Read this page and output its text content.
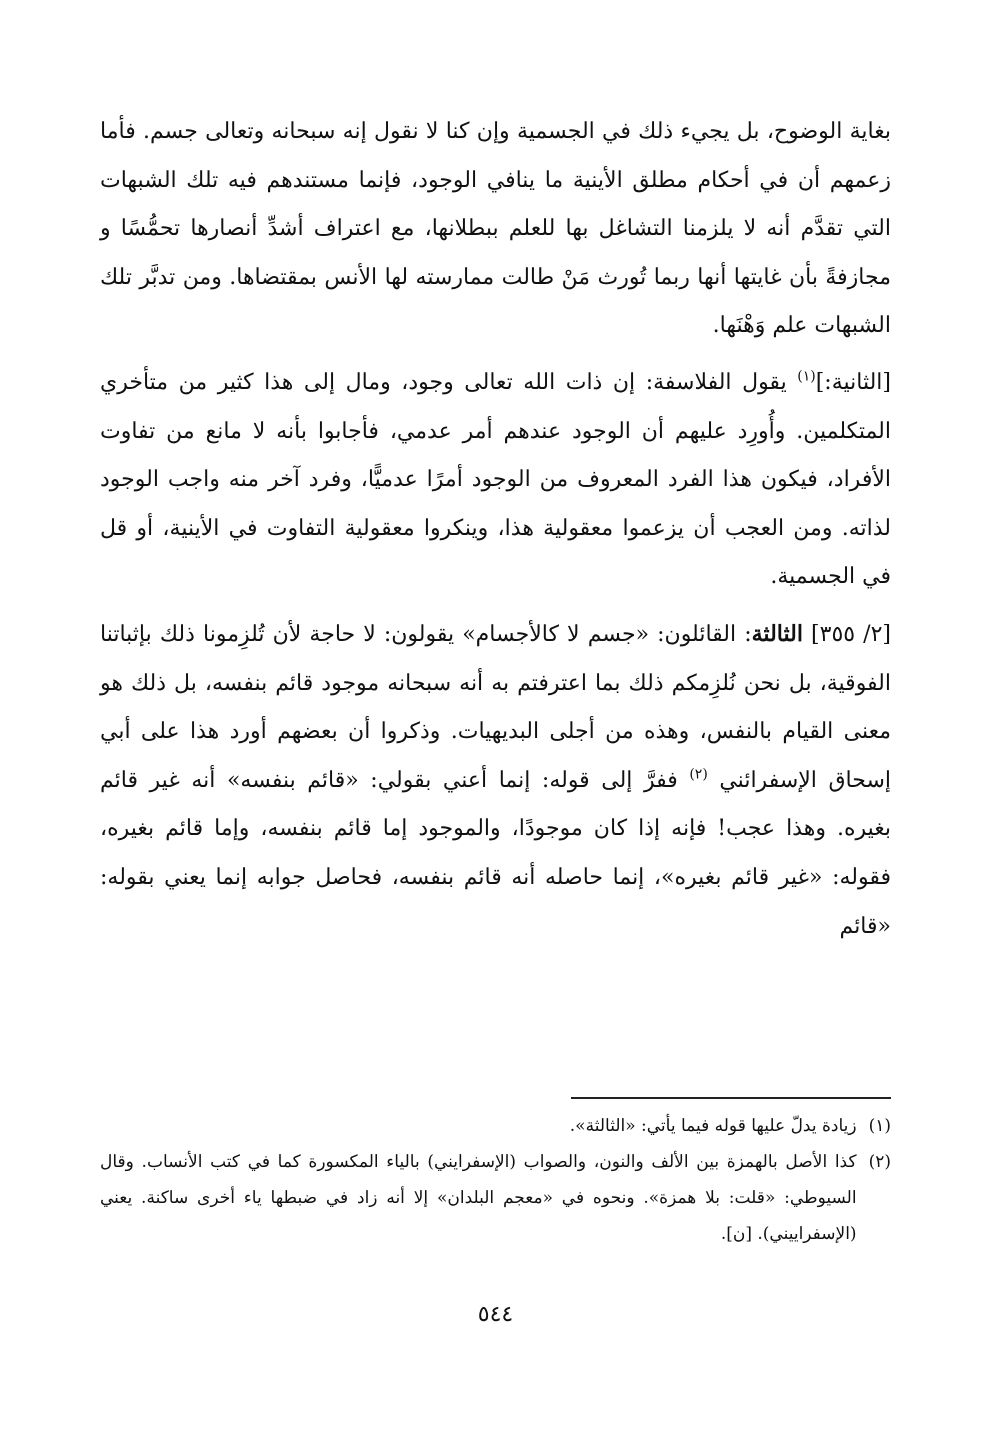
بغاية الوضوح، بل يجيء ذلك في الجسمية وإن كنا لا نقول إنه سبحانه وتعالى جسم. فأما زعمهم أن في أحكام مطلق الأينية ما ينافي الوجود، فإنما مستندهم فيه تلك الشبهات التي تقدَّم أنه لا يلزمنا التشاغل بها للعلم ببطلانها، مع اعتراف أشدِّ أنصارها تحمُّسًا و مجازفةً بأن غايتها أنها ربما تُورث مَنْ طالت ممارسته لها الأنس بمقتضاها. ومن تدبَّر تلك الشبهات علم وَهْنَها.

[الثانية:]$^{(١)}$ يقول الفلاسفة: إن ذات الله تعالى وجود، ومال إلى هذا كثير من متأخري المتكلمين. وأُورِد عليهم أن الوجود عندهم أمر عدمي، فأجابوا بأنه لا مانع من تفاوت الأفراد، فيكون هذا الفرد المعروف من الوجود أمرًا عدميًّا، وفرد آخر منه واجب الوجود لذاته. ومن العجب أن يزعموا معقولية هذا، وينكروا معقولية التفاوت في الأينية، أو قل في الجسمية.

[٢/ ٣٥٥] الثالثة: القائلون: «جسم لا كالأجسام» يقولون: لا حاجة لأن تُلزِمونا ذلك بإثباتنا الفوقية، بل نحن نُلزِمكم ذلك بما اعترفتم به أنه سبحانه موجود قائم بنفسه، بل ذلك هو معنى القيام بالنفس، وهذه من أجلى البديهيات. وذكروا أن بعضهم أورد هذا على أبي إسحاق الإسفرائني $^{(٢)}$ ففرَّ إلى قوله: إنما أعني بقولي: «قائم بنفسه» أنه غير قائم بغيره. وهذا عجب! فإنه إذا كان موجودًا، والموجود إما قائم بنفسه، وإما قائم بغيره، فقوله: «غير قائم بغيره»، إنما حاصله أنه قائم بنفسه، فحاصل جوابه إنما يعني بقوله: «قائم

(١)
زيادة يدلّ عليها قوله فيما يأتي: «الثالثة».
(٢)
كذا الأصل بالهمزة بين الألف والنون، والصواب (الإسفرايني) بالياء المكسورة كما في كتب الأنساب. وقال السيوطي: «قلت: بلا همزة». ونحوه في «معجم البلدان» إلا أنه زاد في ضبطها ياء أخرى ساكنة. يعني (الإسفراييني). [ن].
٥٤٤
